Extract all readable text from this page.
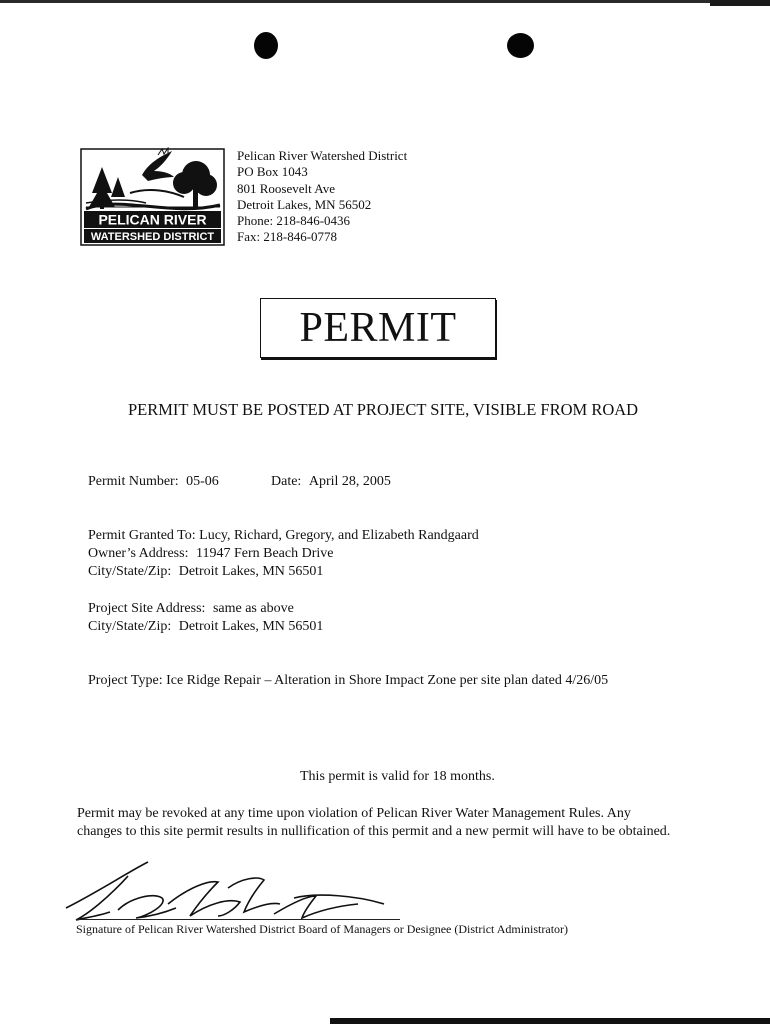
PELICAN RIVER
WATERSHED DISTRICT
Pelican River Watershed District
PO Box 1043
801 Roosevelt Ave
Detroit Lakes, MN 56502
Phone: 218-846-0436
Fax: 218-846-0778
PERMIT
PERMIT MUST BE POSTED AT PROJECT SITE, VISIBLE FROM ROAD
Permit Number: 05-06	Date: April 28, 2005
Permit Granted To: Lucy, Richard, Gregory, and Elizabeth Randgaard
Owner’s Address: 11947 Fern Beach Drive
City/State/Zip: Detroit Lakes, MN 56501
Project Site Address: same as above
City/State/Zip: Detroit Lakes, MN 56501
Project Type: Ice Ridge Repair – Alteration in Shore Impact Zone per site plan dated 4/26/05
This permit is valid for 18 months.
Permit may be revoked at any time upon violation of Pelican River Water Management Rules. Any
changes to this site permit results in nullification of this permit and a new permit will have to be obtained.
Signature of Pelican River Watershed District Board of Managers or Designee (District Administrator)
